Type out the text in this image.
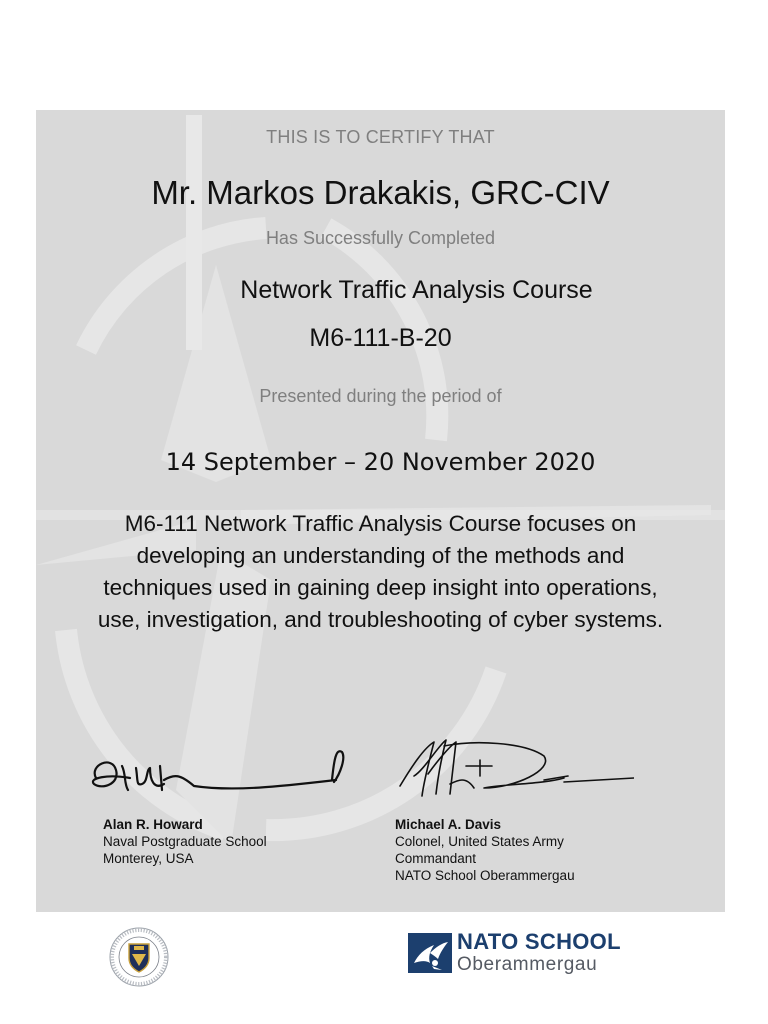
THIS IS TO CERTIFY THAT

Mr. Markos Drakakis, GRC-CIV

Has Successfully Completed

Network Traffic Analysis Course

M6-111-B-20

Presented during the period of

14 September – 20 November 2020

M6-111 Network Traffic Analysis Course focuses on
developing an understanding of the methods and
techniques used in gaining deep insight into operations,
use, investigation, and troubleshooting of cyber systems.
Alan R. Howard
Naval Postgraduate School
Monterey, USA
Michael A. Davis
Colonel, United States Army
Commandant
NATO School Oberammergau
NATO SCHOOL
Oberammergau
